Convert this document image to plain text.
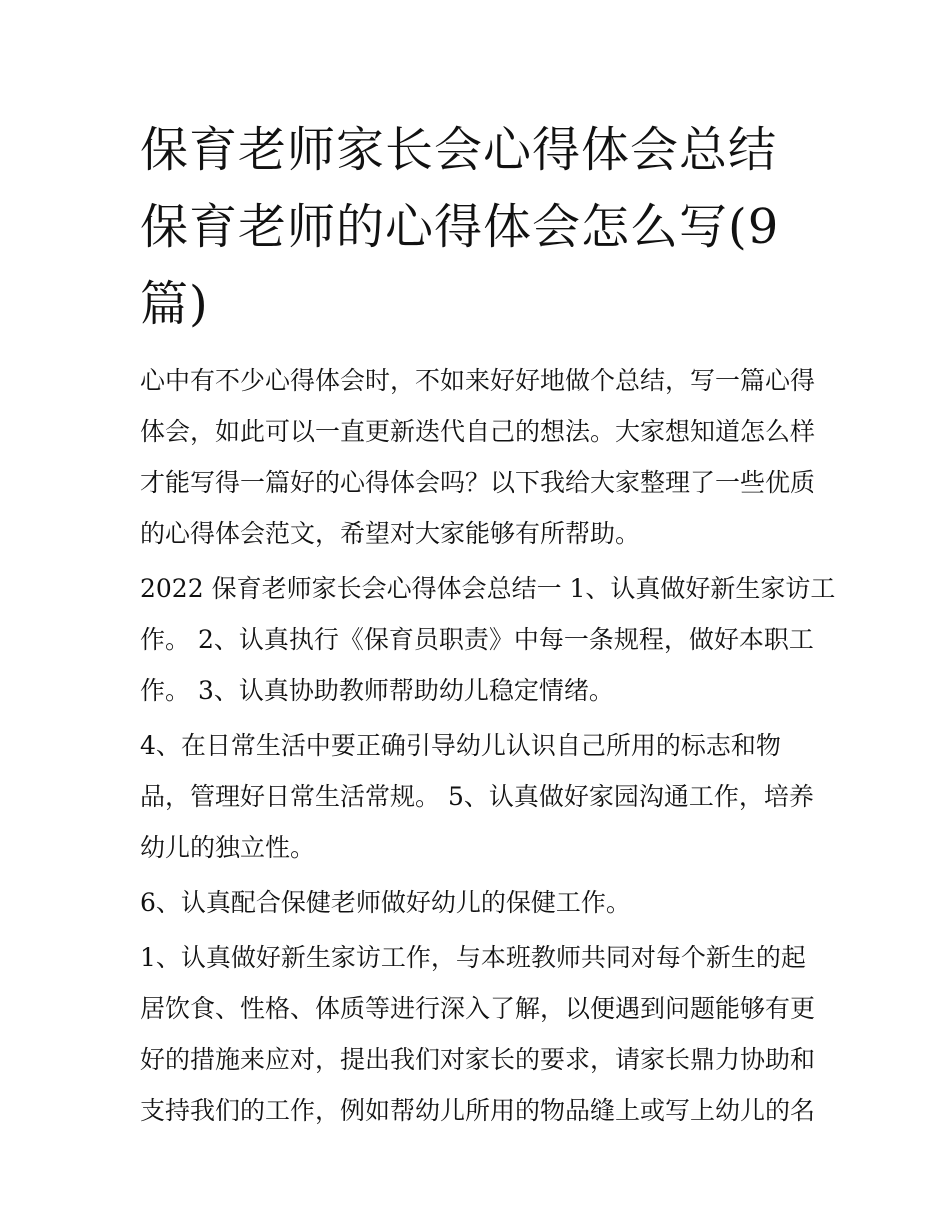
保育老师家长会心得体会总结
保育老师的心得体会怎么写(9
篇)

心中有不少心得体会时，不如来好好地做个总结，写一篇心得
体会，如此可以一直更新迭代自己的想法。大家想知道怎么样
才能写得一篇好的心得体会吗？以下我给大家整理了一些优质
的心得体会范文，希望对大家能够有所帮助。

2022 保育老师家长会心得体会总结一 1、认真做好新生家访工
作。 2、认真执行《保育员职责》中每一条规程，做好本职工
作。 3、认真协助教师帮助幼儿稳定情绪。

4、在日常生活中要正确引导幼儿认识自己所用的标志和物
品，管理好日常生活常规。 5、认真做好家园沟通工作，培养
幼儿的独立性。

6、认真配合保健老师做好幼儿的保健工作。

1、认真做好新生家访工作，与本班教师共同对每个新生的起
居饮食、性格、体质等进行深入了解，以便遇到问题能够有更
好的措施来应对，提出我们对家长的要求，请家长鼎力协助和
支持我们的工作，例如帮幼儿所用的物品缝上或写上幼儿的名
